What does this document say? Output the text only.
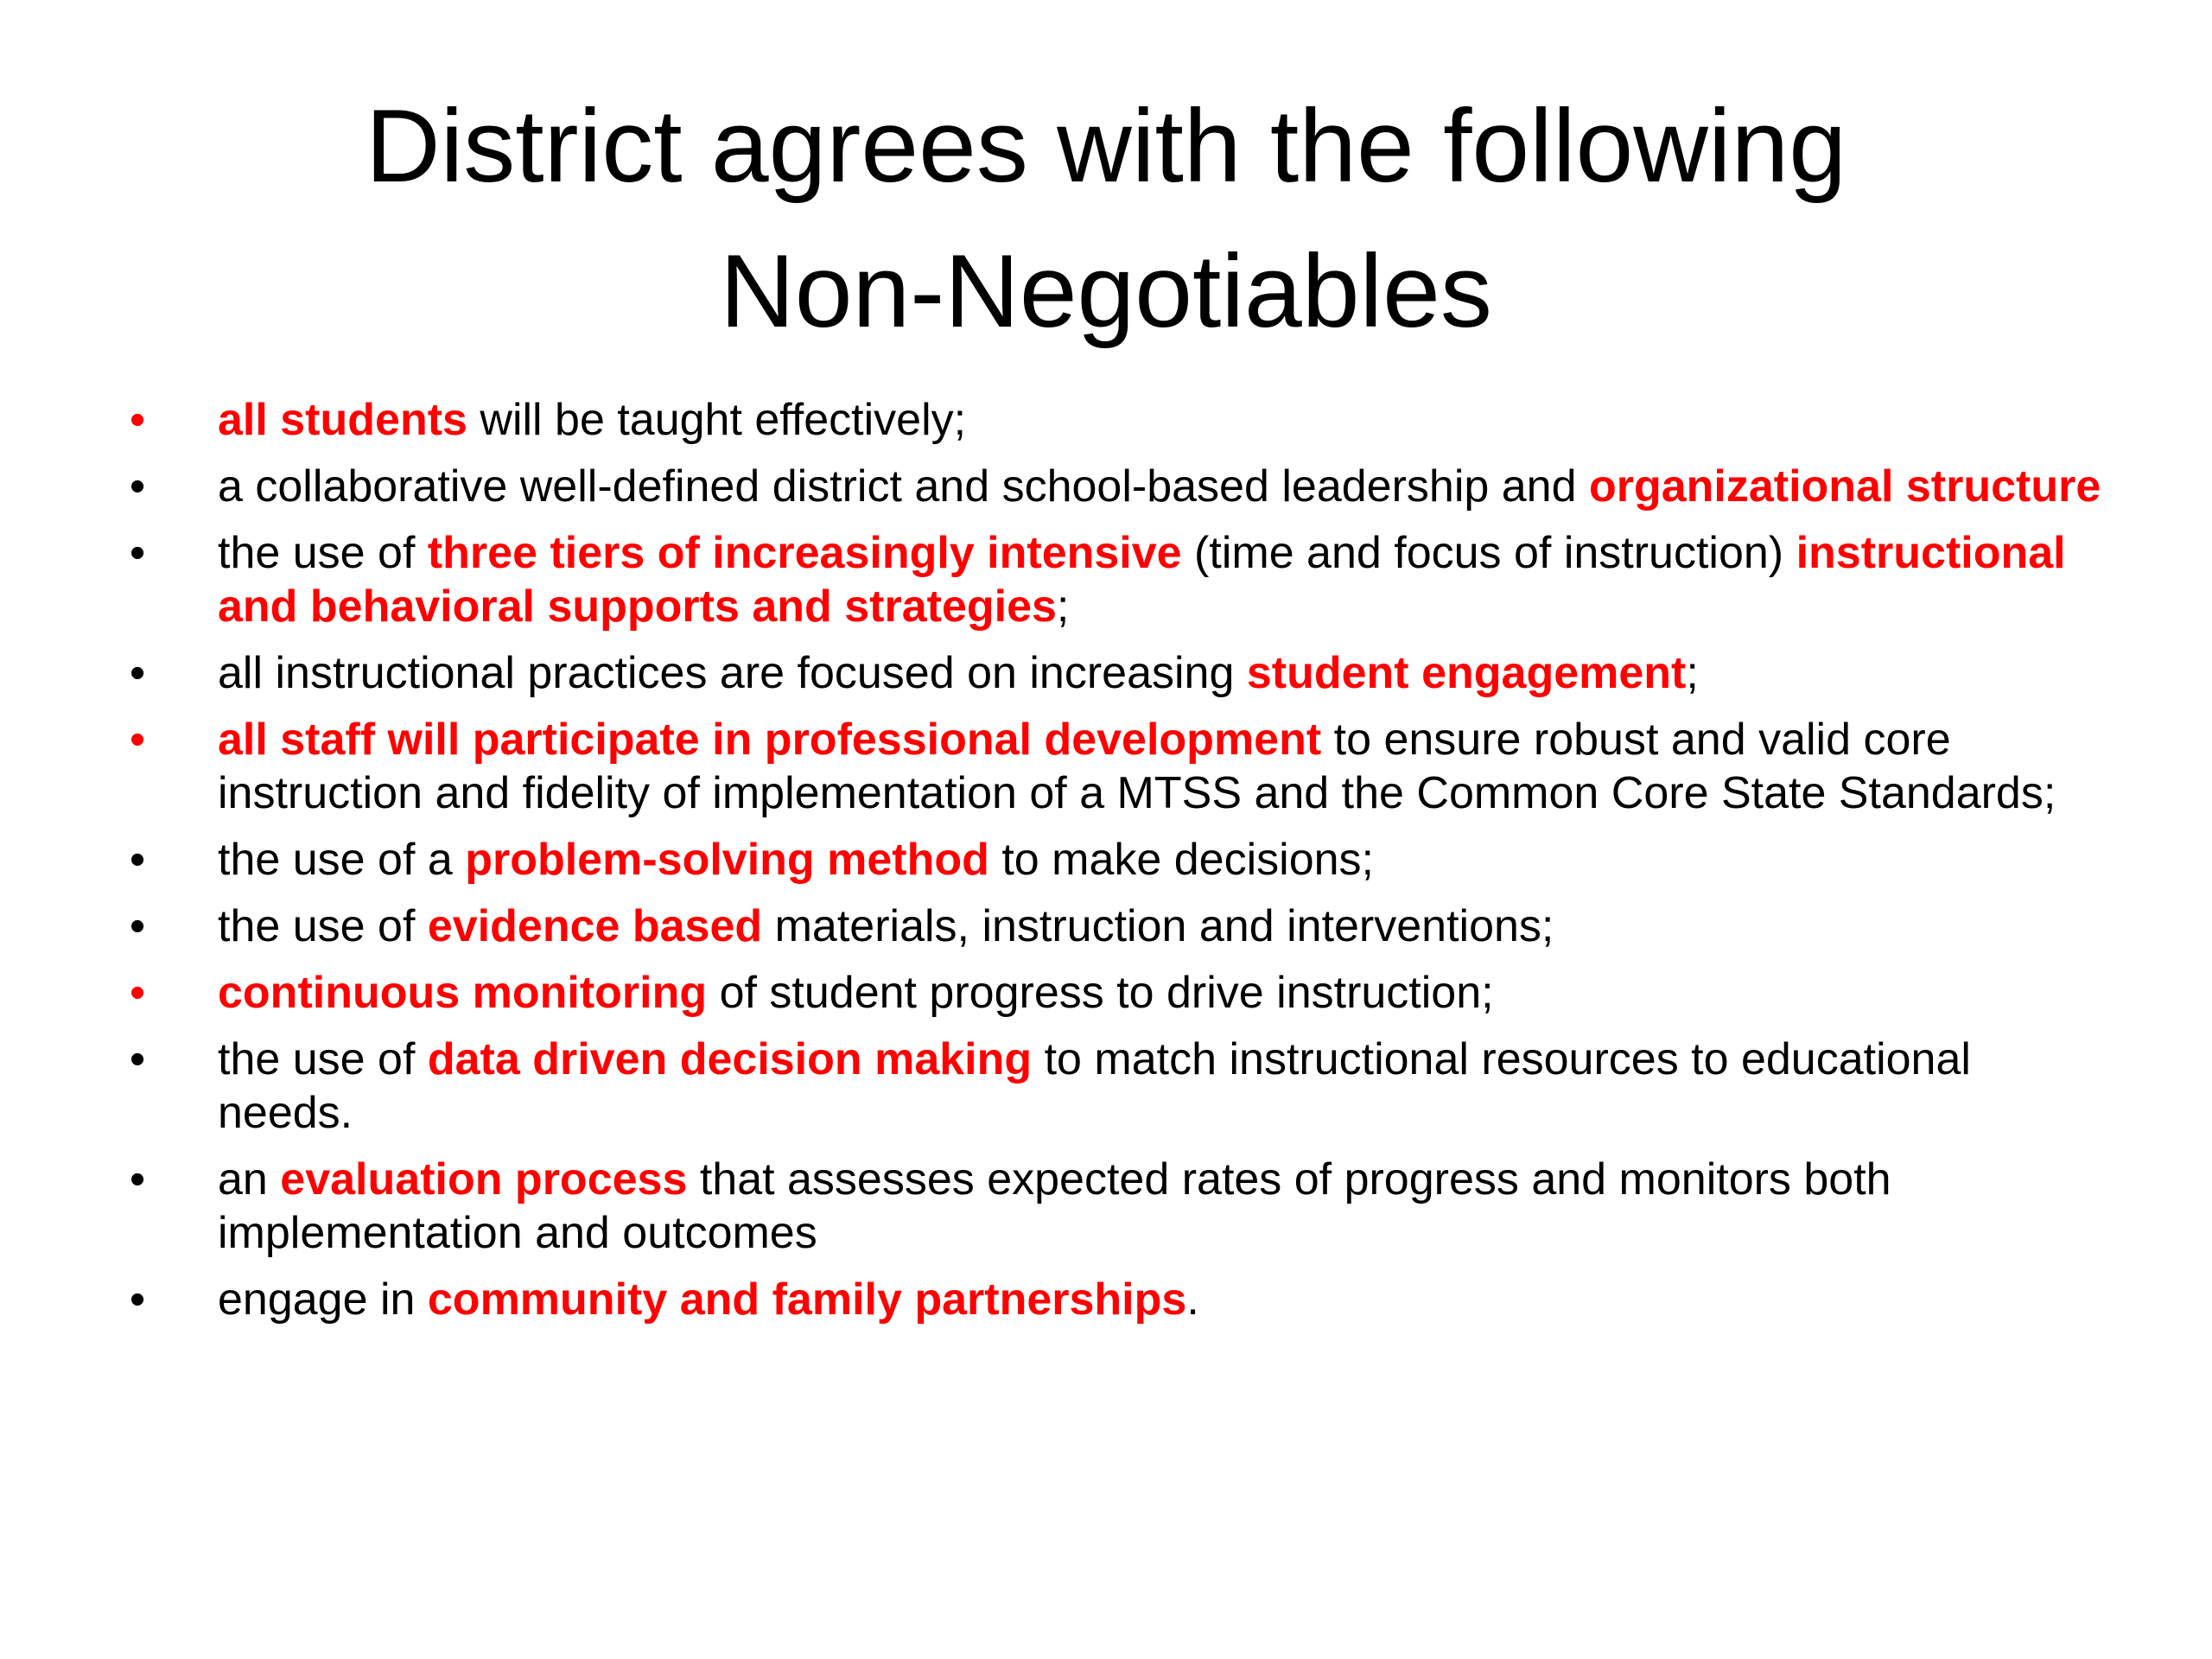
District agrees with the following
Non-Negotiables
•	all students will be taught effectively;
•	a collaborative well-defined district and school-based leadership and organizational structure
•	the use of three tiers of increasingly intensive (time and focus of instruction) instructional and behavioral supports and strategies;
•	all instructional practices are focused on increasing student engagement;
•	all staff will participate in professional development to ensure robust and valid core instruction and fidelity of implementation of a MTSS and the Common Core State Standards;
•	the use of a problem-solving method to make decisions;
•	the use of evidence based materials, instruction and interventions;
•	continuous monitoring of student progress to drive instruction;
•	the use of data driven decision making to match instructional resources to educational needs.
•	an evaluation process that assesses expected rates of progress and monitors both implementation and outcomes
•	engage in community and family partnerships.
